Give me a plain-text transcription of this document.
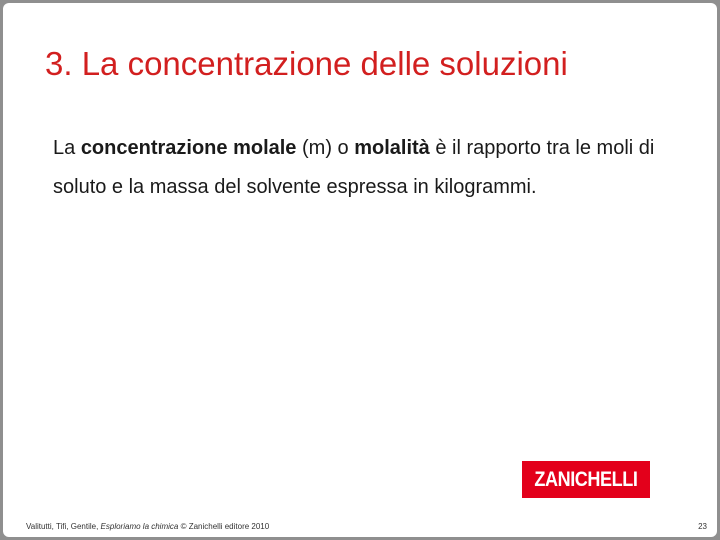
3. La concentrazione delle soluzioni

La concentrazione molale (m) o molalità è il rapporto tra le moli di soluto e la massa del solvente espressa in kilogrammi.

ZANICHELLI
Valitutti, Tifi, Gentile, Esploriamo la chimica © Zanichelli editore 2010	23
